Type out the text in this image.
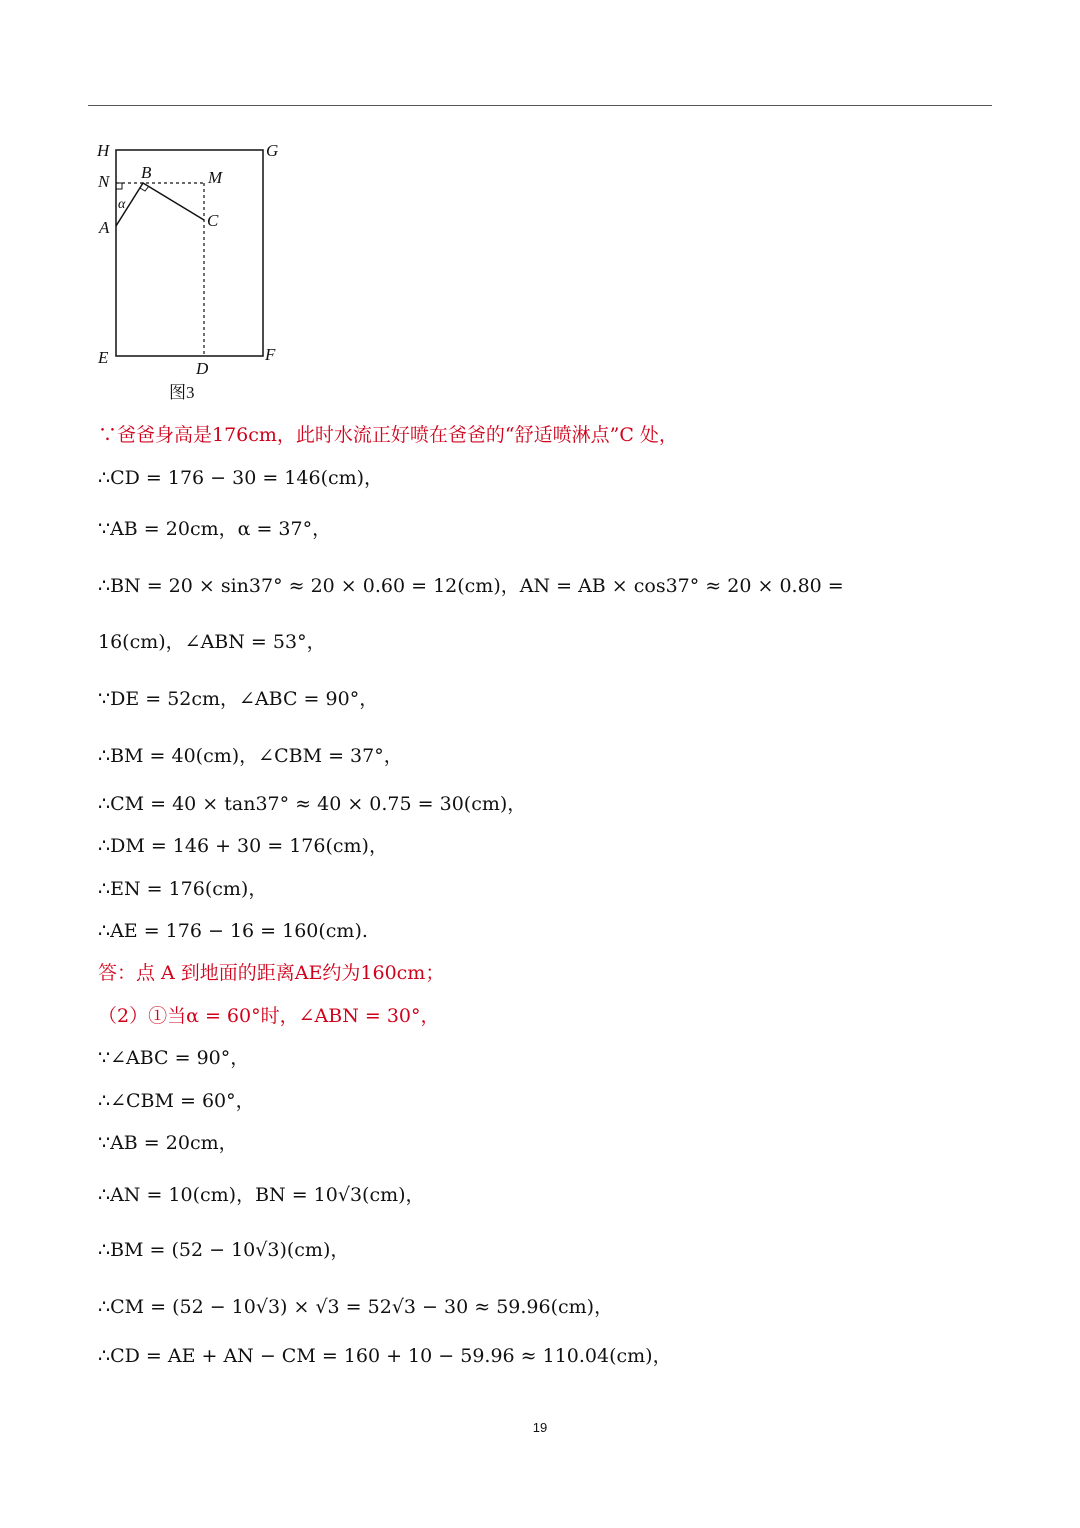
H	G
N B	M
α
A	C
E	F
D
图3
∵爸爸身高是176cm，此时水流正好喷在爸爸的“舒适喷淋点”C 处，
∴CD = 176 − 30 = 146(cm)，
∵AB = 20cm，α = 37°，
∴BN = 20 × sin37° ≈ 20 × 0.60 = 12(cm)，AN = AB × cos37° ≈ 20 × 0.80 =
16(cm)，∠ABN = 53°，
∵DE = 52cm，∠ABC = 90°，
∴BM = 40(cm)，∠CBM = 37°，
∴CM = 40 × tan37° ≈ 40 × 0.75 = 30(cm)，
∴DM = 146 + 30 = 176(cm)，
∴EN = 176(cm)，
∴AE = 176 − 16 = 160(cm).
答：点 A 到地面的距离AE约为160cm；
（2）①当α = 60°时，∠ABN = 30°，
∵∠ABC = 90°，
∴∠CBM = 60°，
∵AB = 20cm，
∴AN = 10(cm)，BN = 10√3(cm)，
∴BM = (52 − 10√3)(cm)，
∴CM = (52 − 10√3) × √3 = 52√3 − 30 ≈ 59.96(cm)，
∴CD = AE + AN − CM = 160 + 10 − 59.96 ≈ 110.04(cm)，
19
